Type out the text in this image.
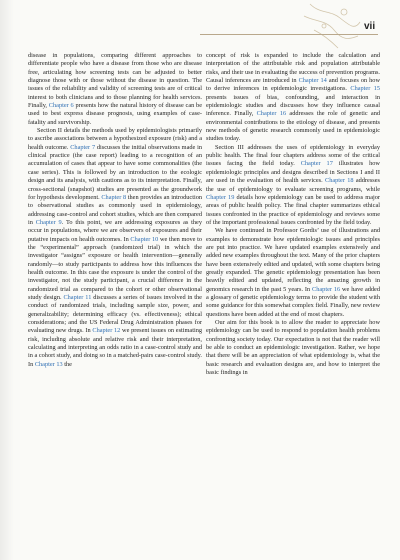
vii

disease in populations, comparing different approaches to differentiate people who have a disease from those who are disease free, articulating how screening tests can be adjusted to better diagnose those with or those without the disease in question. The issues of the reliability and validity of screening tests are of critical interest to both clinicians and to those planning for health services. Finally, Chapter 6 presents how the natural history of disease can be used to best express disease prognosis, using examples of case-fatality and survivorship.

Section II details the methods used by epidemiologists primarily to ascribe associations between a hypothesized exposure (risk) and a health outcome. Chapter 7 discusses the initial observations made in clinical practice (the case report) leading to a recognition of an accumulation of cases that appear to have some commonalities (the case series). This is followed by an introduction to the ecologic design and its analysis, with cautions as to its interpretation. Finally, cross-sectional (snapshot) studies are presented as the groundwork for hypothesis development. Chapter 8 then provides an introduction to observational studies as commonly used in epidemiology, addressing case-control and cohort studies, which are then compared in Chapter 9. To this point, we are addressing exposures as they occur in populations, where we are observers of exposures and their putative impacts on health outcomes. In Chapter 10 we then move to the “experimental” approach (randomized trial) in which the investigator “assigns” exposure or health intervention—generally randomly—to study participants to address how this influences the health outcome. In this case the exposure is under the control of the investigator, not the study participant, a crucial difference in the randomized trial as compared to the cohort or other observational study design. Chapter 11 discusses a series of issues involved in the conduct of randomized trials, including sample size, power, and generalizability; determining efficacy (vs. effectiveness); ethical considerations; and the US Federal Drug Administration phases for evaluating new drugs. In Chapter 12 we present issues on estimating risk, including absolute and relative risk and their interpretation, calculating and interpreting an odds ratio in a case-control study and in a cohort study, and doing so in a matched-pairs case-control study. In Chapter 13 the

concept of risk is expanded to include the calculation and interpretation of the attributable risk and population attributable risks, and their use in evaluating the success of prevention programs. Causal inferences are introduced in Chapter 14 and focuses on how to derive inferences in epidemiologic investigations. Chapter 15 presents issues of bias, confounding, and interaction in epidemiologic studies and discusses how they influence causal inference. Finally, Chapter 16 addresses the role of genetic and environmental contributions to the etiology of disease, and presents new methods of genetic research commonly used in epidemiologic studies today.

Section III addresses the uses of epidemiology in everyday public health. The final four chapters address some of the critical issues facing the field today. Chapter 17 illustrates how epidemiologic principles and designs described in Sections I and II are used in the evaluation of health services. Chapter 18 addresses the use of epidemiology to evaluate screening programs, while Chapter 19 details how epidemiology can be used to address major areas of public health policy. The final chapter summarizes ethical issues confronted in the practice of epidemiology and reviews some of the important professional issues confronted by the field today.

We have continued in Professor Gordis’ use of illustrations and examples to demonstrate how epidemiologic issues and principles are put into practice. We have updated examples extensively and added new examples throughout the text. Many of the prior chapters have been extensively edited and updated, with some chapters being greatly expanded. The genetic epidemiology presentation has been heavily edited and updated, reflecting the amazing growth in genomics research in the past 5 years. In Chapter 16 we have added a glossary of genetic epidemiology terms to provide the student with some guidance for this somewhat complex field. Finally, new review questions have been added at the end of most chapters.

Our aim for this book is to allow the reader to appreciate how epidemiology can be used to respond to population health problems confronting society today. Our expectation is not that the reader will be able to conduct an epidemiologic investigation. Rather, we hope that there will be an appreciation of what epidemiology is, what the basic research and evaluation designs are, and how to interpret the basic findings in
